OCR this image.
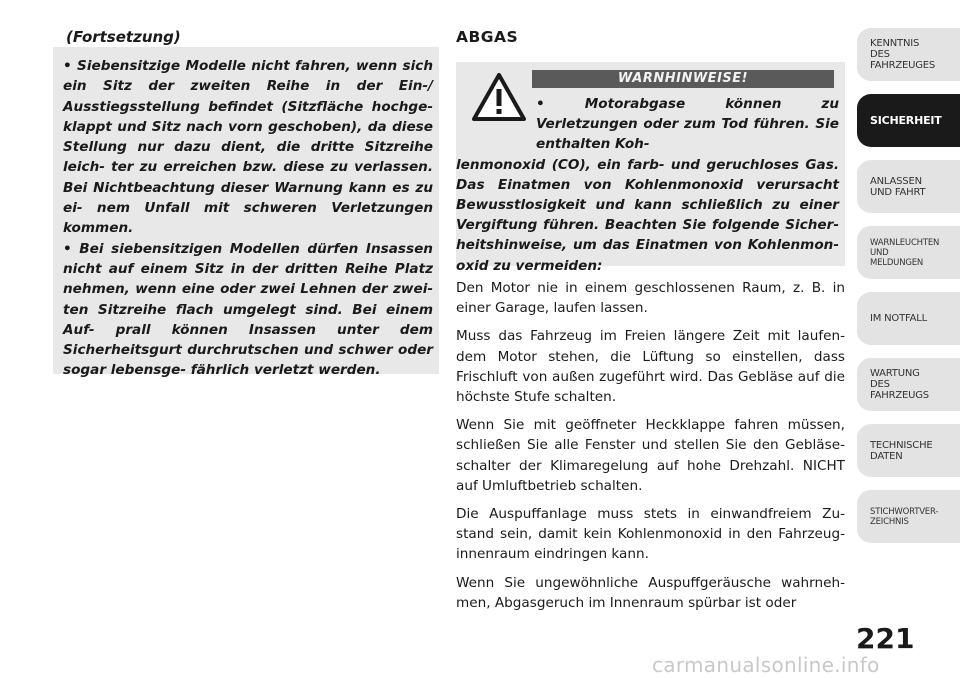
(Fortsetzung)

• Siebensitzige Modelle nicht fahren, wenn sich ein Sitz der zweiten Reihe in der Ein-/ Ausstiegsstellung befindet (Sitzfläche hochge- klappt und Sitz nach vorn geschoben), da diese Stellung nur dazu dient, die dritte Sitzreihe leich- ter zu erreichen bzw. diese zu verlassen. Bei Nichtbeachtung dieser Warnung kann es zu ei- nem Unfall mit schweren Verletzungen kommen.

• Bei siebensitzigen Modellen dürfen Insassen nicht auf einem Sitz in der dritten Reihe Platz nehmen, wenn eine oder zwei Lehnen der zwei- ten Sitzreihe flach umgelegt sind. Bei einem Auf- prall können Insassen unter dem Sicherheitsgurt durchrutschen und schwer oder sogar lebensge- fährlich verletzt werden.

ABGAS
WARNHINWEISE!
• Motorabgase können zu Verletzungen oder zum Tod führen. Sie enthalten Koh-
lenmonoxid (CO), ein farb- und geruchloses Gas. Das Einatmen von Kohlenmonoxid verursacht Bewusstlosigkeit und kann schließlich zu einer Vergiftung führen. Beachten Sie folgende Sicher- heitshinweise, um das Einatmen von Kohlenmon- oxid zu vermeiden:

Den Motor nie in einem geschlossenen Raum, z. B. in einer Garage, laufen lassen.

Muss das Fahrzeug im Freien längere Zeit mit laufen- dem Motor stehen, die Lüftung so einstellen, dass Frischluft von außen zugeführt wird. Das Gebläse auf die höchste Stufe schalten.

Wenn Sie mit geöffneter Heckklappe fahren müssen, schließen Sie alle Fenster und stellen Sie den Gebläse- schalter der Klimaregelung auf hohe Drehzahl. NICHT auf Umluftbetrieb schalten.

Die Auspuffanlage muss stets in einwandfreiem Zu- stand sein, damit kein Kohlenmonoxid in den Fahrzeug- innenraum eindringen kann.

Wenn Sie ungewöhnliche Auspuffgeräusche wahrneh- men, Abgasgeruch im Innenraum spürbar ist oder

KENNTNIS
DES
FAHRZEUGES
SICHERHEIT
ANLASSEN
UND FAHRT
WARNLEUCHTEN
UND
MELDUNGEN
IM NOTFALL
WARTUNG
DES
FAHRZEUGS
TECHNISCHE
DATEN
STICHWORTVER-
ZEICHNIS
221
carmanualsonline.info
